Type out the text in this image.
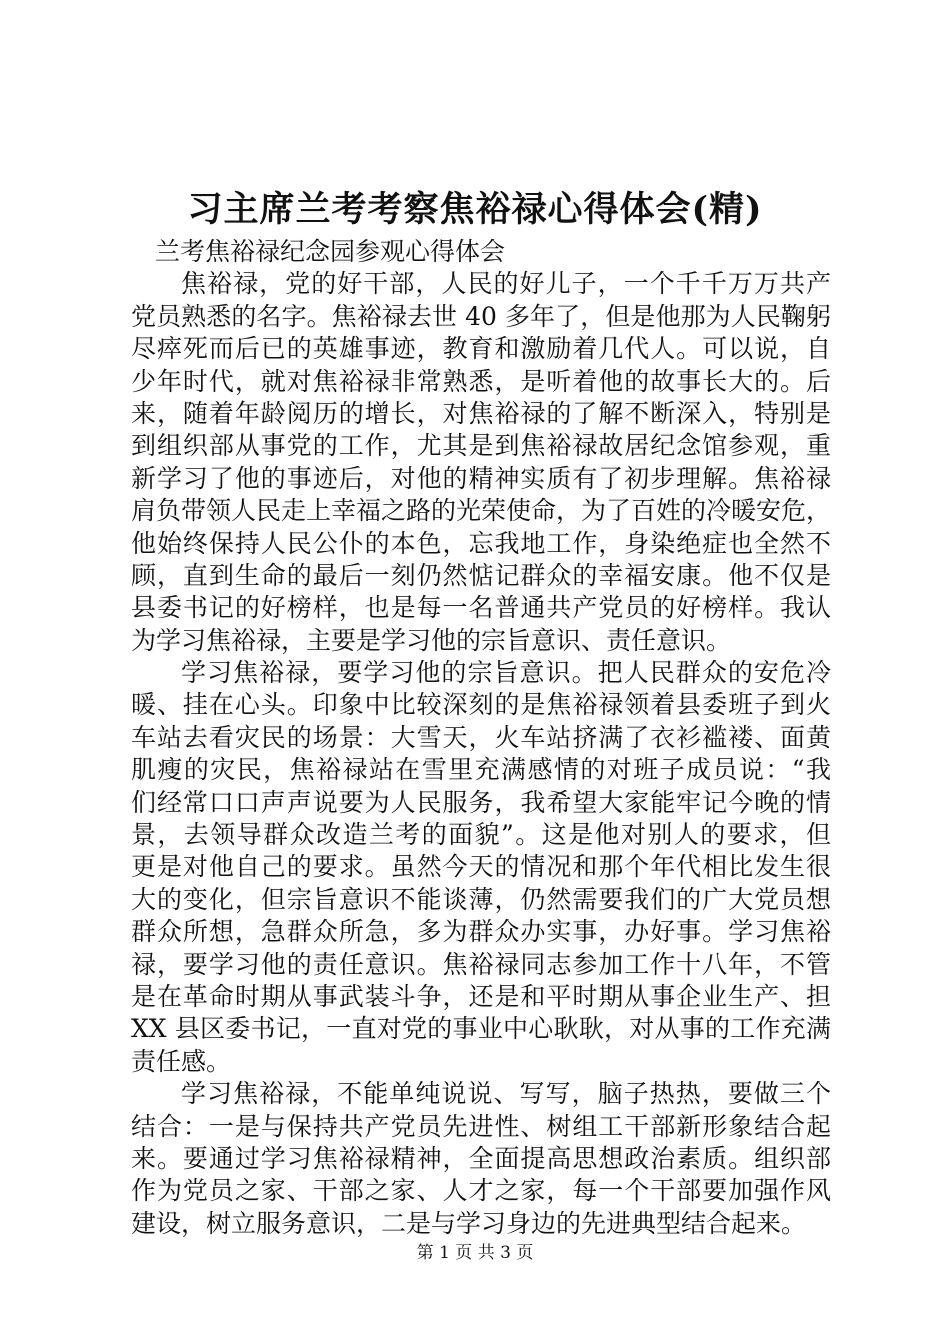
习主席兰考考察焦裕禄心得体会(精)
兰考焦裕禄纪念园参观心得体会
焦裕禄，党的好干部，人民的好儿子，一个千千万万共产
党员熟悉的名字。焦裕禄去世 40 多年了，但是他那为人民鞠躬
尽瘁死而后已的英雄事迹，教育和激励着几代人。可以说，自
少年时代，就对焦裕禄非常熟悉，是听着他的故事长大的。后
来，随着年龄阅历的增长，对焦裕禄的了解不断深入，特别是
到组织部从事党的工作，尤其是到焦裕禄故居纪念馆参观，重
新学习了他的事迹后，对他的精神实质有了初步理解。焦裕禄
肩负带领人民走上幸福之路的光荣使命，为了百姓的冷暖安危，
他始终保持人民公仆的本色，忘我地工作，身染绝症也全然不
顾，直到生命的最后一刻仍然惦记群众的幸福安康。他不仅是
县委书记的好榜样，也是每一名普通共产党员的好榜样。我认
为学习焦裕禄，主要是学习他的宗旨意识、责任意识。
学习焦裕禄，要学习他的宗旨意识。把人民群众的安危冷
暖、挂在心头。印象中比较深刻的是焦裕禄领着县委班子到火
车站去看灾民的场景：大雪天，火车站挤满了衣衫褴褛、面黄
肌瘦的灾民，焦裕禄站在雪里充满感情的对班子成员说：“我
们经常口口声声说要为人民服务，我希望大家能牢记今晚的情
景，去领导群众改造兰考的面貌”。这是他对别人的要求，但
更是对他自己的要求。虽然今天的情况和那个年代相比发生很
大的变化，但宗旨意识不能谈薄，仍然需要我们的广大党员想
群众所想，急群众所急，多为群众办实事，办好事。学习焦裕
禄，要学习他的责任意识。焦裕禄同志参加工作十八年，不管
是在革命时期从事武装斗争，还是和平时期从事企业生产、担
XX 县区委书记，一直对党的事业中心耿耿，对从事的工作充满
责任感。
学习焦裕禄，不能单纯说说、写写，脑子热热，要做三个
结合：一是与保持共产党员先进性、树组工干部新形象结合起
来。要通过学习焦裕禄精神，全面提高思想政治素质。组织部
作为党员之家、干部之家、人才之家，每一个干部要加强作风
建设，树立服务意识，二是与学习身边的先进典型结合起来。

第 1 页 共 3 页
